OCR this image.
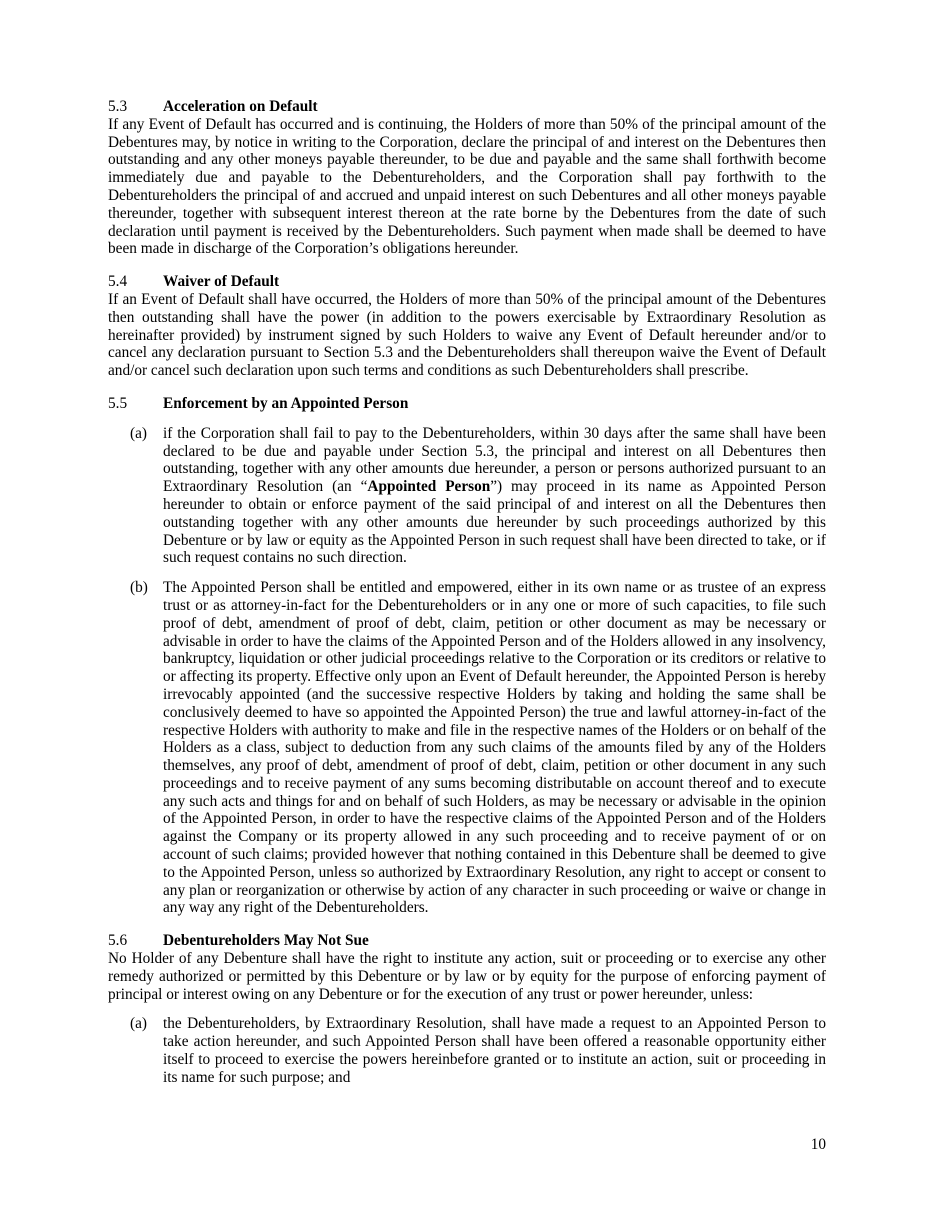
5.3 Acceleration on Default

If any Event of Default has occurred and is continuing, the Holders of more than 50% of the principal amount of the Debentures may, by notice in writing to the Corporation, declare the principal of and interest on the Debentures then outstanding and any other moneys payable thereunder, to be due and payable and the same shall forthwith become immediately due and payable to the Debentureholders, and the Corporation shall pay forthwith to the Debentureholders the principal of and accrued and unpaid interest on such Debentures and all other moneys payable thereunder, together with subsequent interest thereon at the rate borne by the Debentures from the date of such declaration until payment is received by the Debentureholders. Such payment when made shall be deemed to have been made in discharge of the Corporation’s obligations hereunder.

5.4 Waiver of Default

If an Event of Default shall have occurred, the Holders of more than 50% of the principal amount of the Debentures then outstanding shall have the power (in addition to the powers exercisable by Extraordinary Resolution as hereinafter provided) by instrument signed by such Holders to waive any Event of Default hereunder and/or to cancel any declaration pursuant to Section 5.3 and the Debentureholders shall thereupon waive the Event of Default and/or cancel such declaration upon such terms and conditions as such Debentureholders shall prescribe.

5.5 Enforcement by an Appointed Person

(a)	if the Corporation shall fail to pay to the Debentureholders, within 30 days after the same shall have been declared to be due and payable under Section 5.3, the principal and interest on all Debentures then outstanding, together with any other amounts due hereunder, a person or persons authorized pursuant to an Extraordinary Resolution (an “Appointed Person”) may proceed in its name as Appointed Person hereunder to obtain or enforce payment of the said principal of and interest on all the Debentures then outstanding together with any other amounts due hereunder by such proceedings authorized by this Debenture or by law or equity as the Appointed Person in such request shall have been directed to take, or if such request contains no such direction.
(b) The Appointed Person shall be entitled and empowered, either in its own name or as trustee of an express trust or as attorney-in-fact for the Debentureholders or in any one or more of such capacities, to file such proof of debt, amendment of proof of debt, claim, petition or other document as may be necessary or advisable in order to have the claims of the Appointed Person and of the Holders allowed in any insolvency, bankruptcy, liquidation or other judicial proceedings relative to the Corporation or its creditors or relative to or affecting its property. Effective only upon an Event of Default hereunder, the Appointed Person is hereby irrevocably appointed (and the successive respective Holders by taking and holding the same shall be conclusively deemed to have so appointed the Appointed Person) the true and lawful attorney-in-fact of the respective Holders with authority to make and file in the respective names of the Holders or on behalf of the Holders as a class, subject to deduction from any such claims of the amounts filed by any of the Holders themselves, any proof of debt, amendment of proof of debt, claim, petition or other document in any such proceedings and to receive payment of any sums becoming distributable on account thereof and to execute any such acts and things for and on behalf of such Holders, as may be necessary or advisable in the opinion of the Appointed Person, in order to have the respective claims of the Appointed Person and of the Holders against the Company or its property allowed in any such proceeding and to receive payment of or on account of such claims; provided however that nothing contained in this Debenture shall be deemed to give to the Appointed Person, unless so authorized by Extraordinary Resolution, any right to accept or consent to any plan or reorganization or otherwise by action of any character in such proceeding or waive or change in any way any right of the Debentureholders.

5.6 Debentureholders May Not Sue

No Holder of any Debenture shall have the right to institute any action, suit or proceeding or to exercise any other remedy authorized or permitted by this Debenture or by law or by equity for the purpose of enforcing payment of principal or interest owing on any Debenture or for the execution of any trust or power hereunder, unless:

(a)	the Debentureholders, by Extraordinary Resolution, shall have made a request to an Appointed Person to take action hereunder, and such Appointed Person shall have been offered a reasonable opportunity either itself to proceed to exercise the powers hereinbefore granted or to institute an action, suit or proceeding in its name for such purpose; and
10
